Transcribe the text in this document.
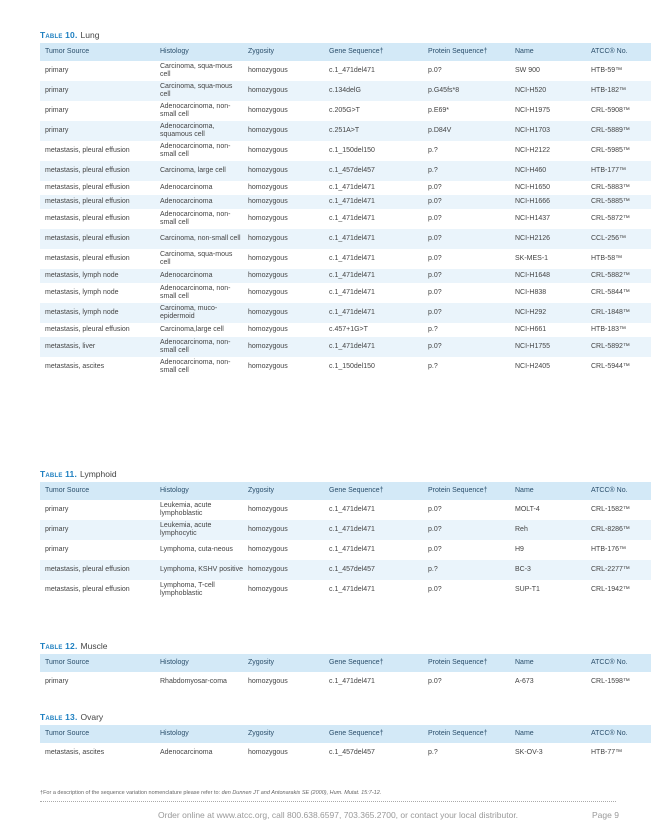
Table 10. Lung
Tumor Source	Histology	Zygosity	Gene Sequence†	Protein Sequence†	Name	ATCC® No.
primary	Carcinoma, squa-mous cell	homozygous	c.1_471del471	p.0?	SW 900	HTB-59™
primary	Carcinoma, squa-mous cell	homozygous	c.134delG	p.G45fs*8	NCI-H520	HTB-182™
primary	Adenocarcinoma, non-small cell	homozygous	c.205G>T	p.E69*	NCI-H1975	CRL-5908™
primary	Adenocarcinoma, squamous cell	homozygous	c.251A>T	p.D84V	NCI-H1703	CRL-5889™
metastasis, pleural effusion	Adenocarcinoma, non-small cell	homozygous	c.1_150del150	p.?	NCI-H2122	CRL-5985™
metastasis, pleural effusion	Carcinoma, large cell	homozygous	c.1_457del457	p.?	NCI-H460	HTB-177™
metastasis, pleural effusion	Adenocarcinoma	homozygous	c.1_471del471	p.0?	NCI-H1650	CRL-5883™
metastasis, pleural effusion	Adenocarcinoma	homozygous	c.1_471del471	p.0?	NCI-H1666	CRL-5885™
metastasis, pleural effusion	Adenocarcinoma, non-small cell	homozygous	c.1_471del471	p.0?	NCI-H1437	CRL-5872™
metastasis, pleural effusion	Carcinoma, non-small cell	homozygous	c.1_471del471	p.0?	NCI-H2126	CCL-256™
metastasis, pleural effusion	Carcinoma, squa-mous cell	homozygous	c.1_471del471	p.0?	SK-MES-1	HTB-58™
metastasis, lymph node	Adenocarcinoma	homozygous	c.1_471del471	p.0?	NCI-H1648	CRL-5882™
metastasis, lymph node	Adenocarcinoma, non-small cell	homozygous	c.1_471del471	p.0?	NCI-H838	CRL-5844™
metastasis, lymph node	Carcinoma, muco-epidermoid	homozygous	c.1_471del471	p.0?	NCI-H292	CRL-1848™
metastasis, pleural effusion	Carcinoma,large cell	homozygous	c.457+1G>T	p.?	NCI-H661	HTB-183™
metastasis, liver	Adenocarcinoma, non-small cell	homozygous	c.1_471del471	p.0?	NCI-H1755	CRL-5892™
metastasis, ascites	Adenocarcinoma, non-small cell	homozygous	c.1_150del150	p.?	NCI-H2405	CRL-5944™
Table 11. Lymphoid
Tumor Source	Histology	Zygosity	Gene Sequence†	Protein Sequence†	Name	ATCC® No.
primary	Leukemia, acute lymphoblastic	homozygous	c.1_471del471	p.0?	MOLT-4	CRL-1582™
primary	Leukemia, acute lymphocytic	homozygous	c.1_471del471	p.0?	Reh	CRL-8286™
primary	Lymphoma, cuta-neous	homozygous	c.1_471del471	p.0?	H9	HTB-176™
metastasis, pleural effusion	Lymphoma, KSHV positive	homozygous	c.1_457del457	p.?	BC-3	CRL-2277™
metastasis, pleural effusion	Lymphoma, T-cell lymphoblastic	homozygous	c.1_471del471	p.0?	SUP-T1	CRL-1942™
Table 12. Muscle
Tumor Source	Histology	Zygosity	Gene Sequence†	Protein Sequence†	Name	ATCC® No.
primary	Rhabdomyosar-coma	homozygous	c.1_471del471	p.0?	A-673	CRL-1598™
Table 13. Ovary
Tumor Source	Histology	Zygosity	Gene Sequence†	Protein Sequence†	Name	ATCC® No.
metastasis, ascites	Adenocarcinoma	homozygous	c.1_457del457	p.?	SK-OV-3	HTB-77™
†For a description of the sequence variation nomenclature please refer to: den Dunnen JT and Antonarakis SE (2000), Hum. Mutat. 15:7-12.
Order online at www.atcc.org, call 800.638.6597, 703.365.2700, or contact your local distributor.	Page 9
